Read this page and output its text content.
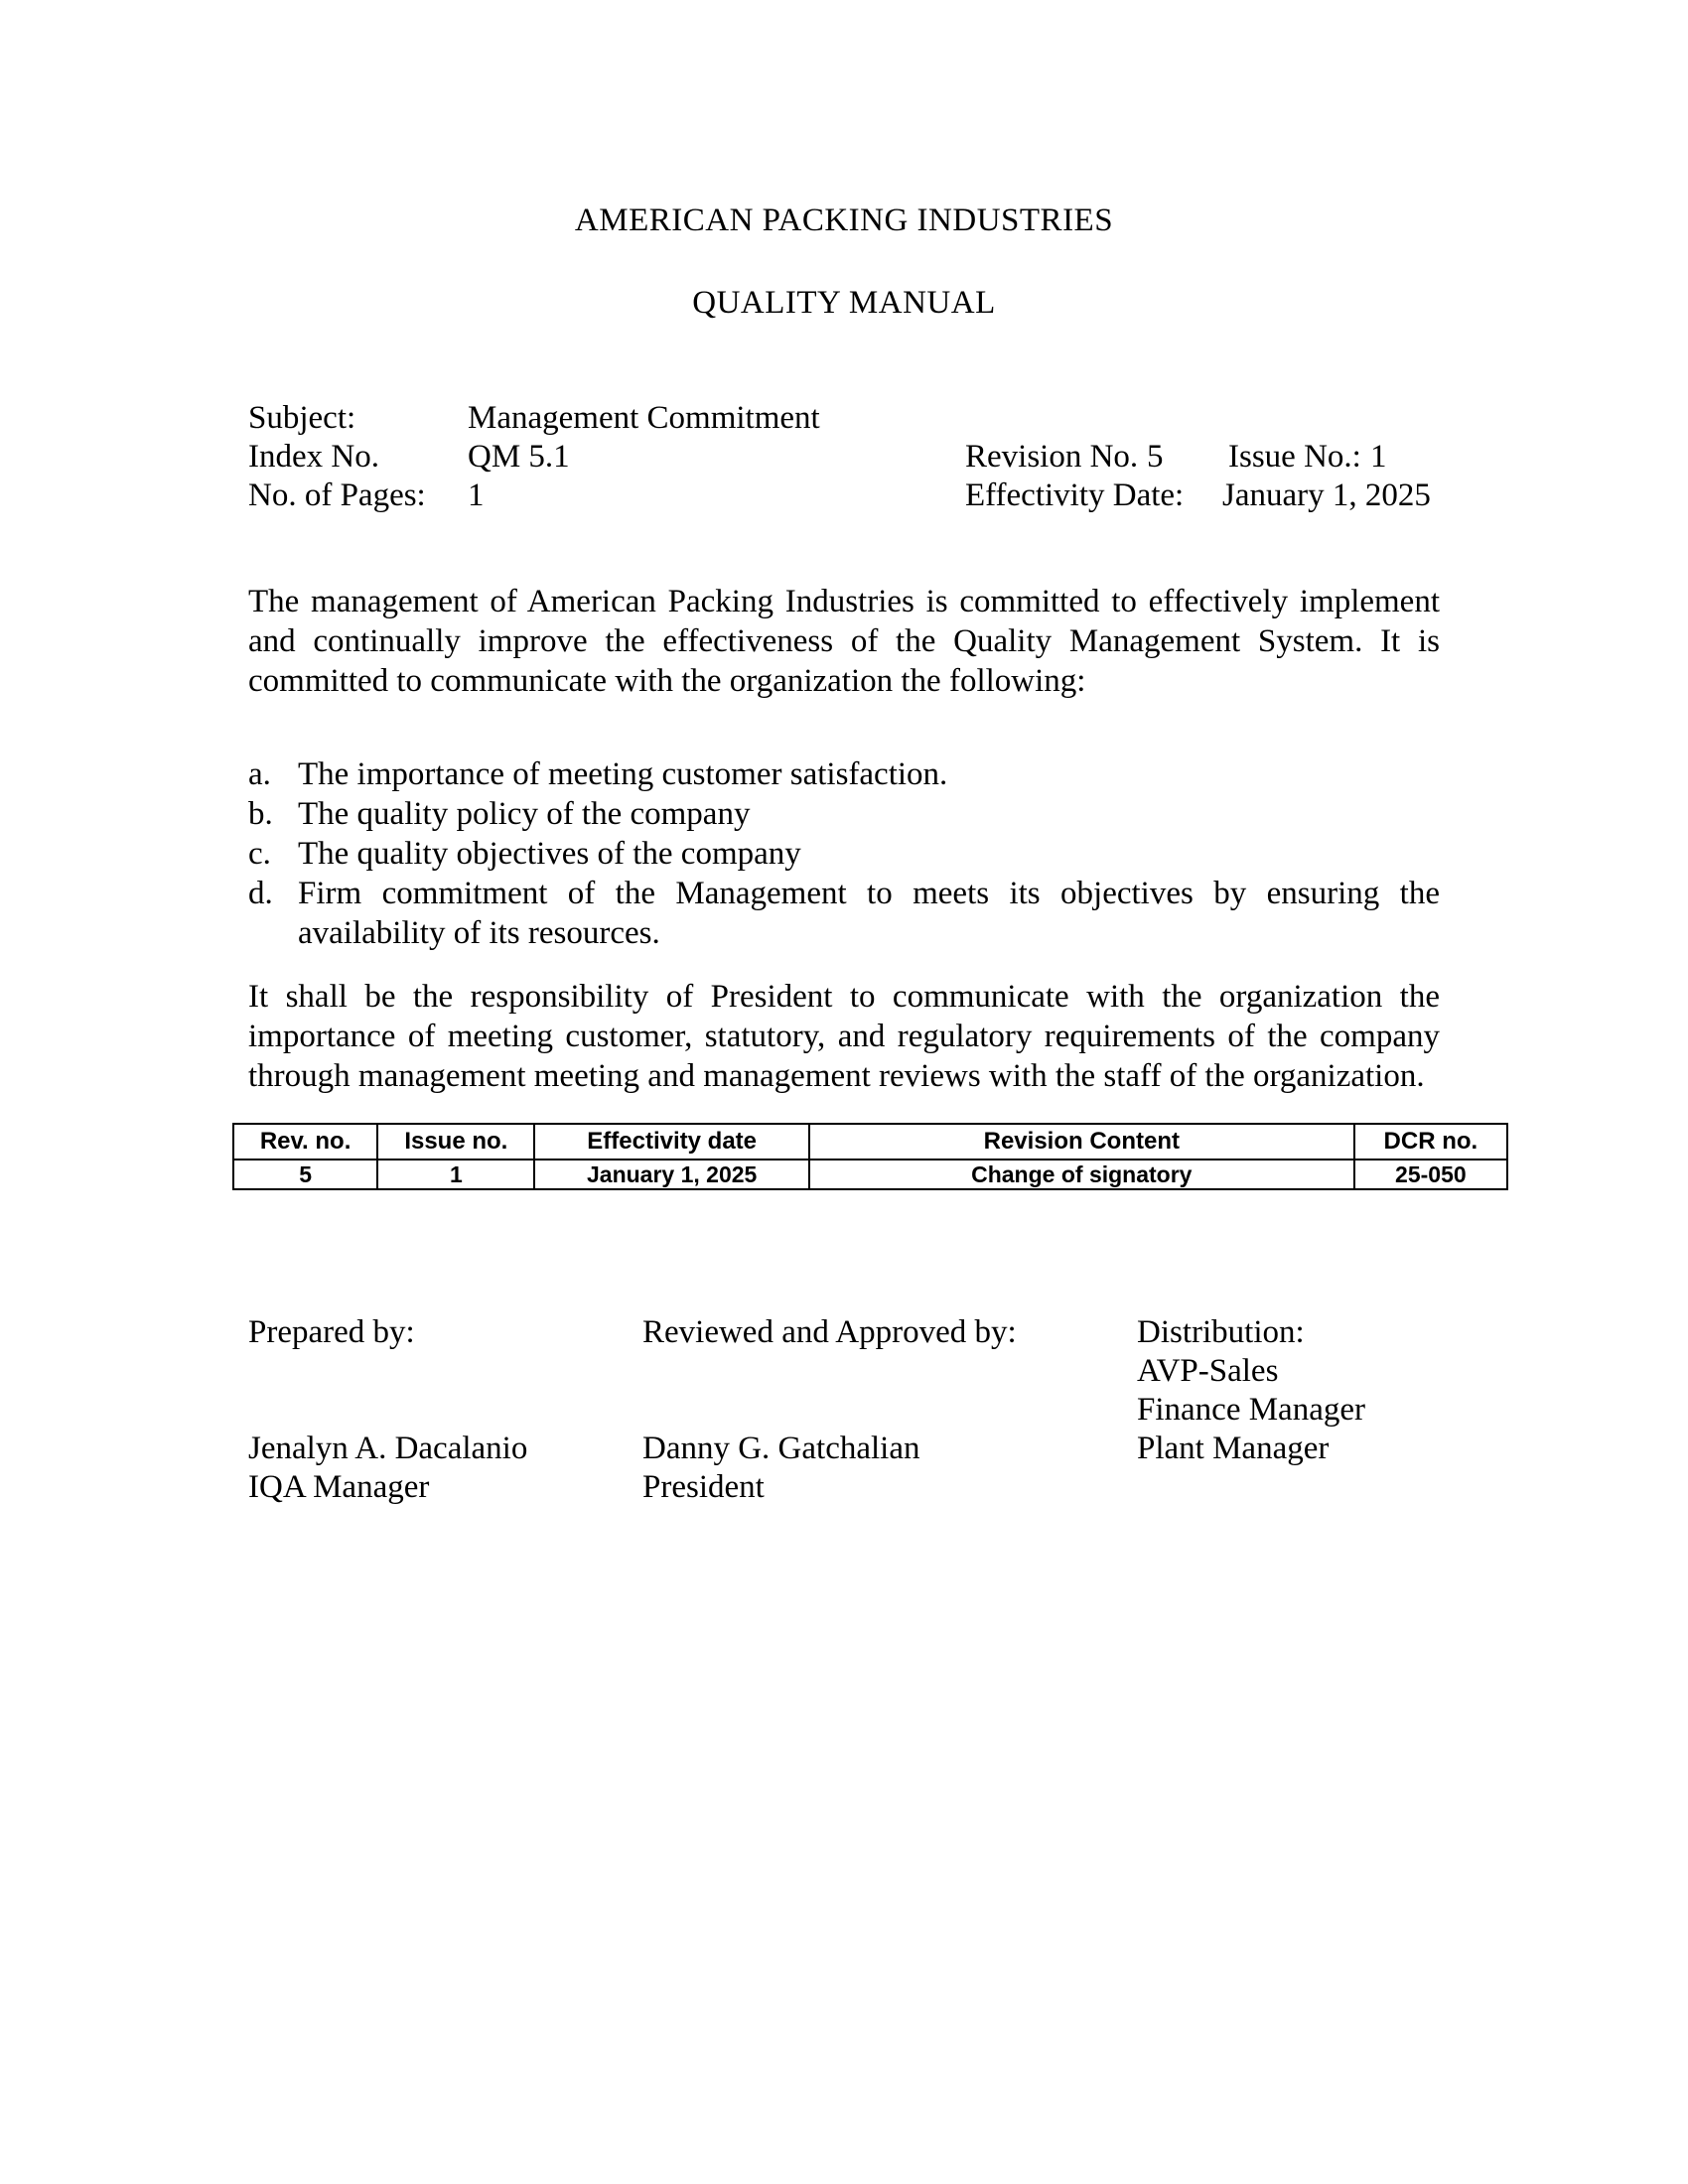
AMERICAN PACKING INDUSTRIES
QUALITY MANUAL
Subject:	Management Commitment
Index No.	QM 5.1	Revision No. 5 Issue No.: 1
No. of Pages: 1	Effectivity Date: January 1, 2025
The management of American Packing Industries is committed to effectively implement and continually improve the effectiveness of the Quality Management System. It is committed to communicate with the organization the following:
a. The importance of meeting customer satisfaction.
b. The quality policy of the company
c. The quality objectives of the company
d. Firm commitment of the Management to meets its objectives by ensuring the availability of its resources.
It shall be the responsibility of President to communicate with the organization the importance of meeting customer, statutory, and regulatory requirements of the company through management meeting and management reviews with the staff of the organization.
Rev. no.	Issue no.	Effectivity date	Revision Content	DCR no.
5	1	January 1, 2025	Change of signatory	25-050
Prepared by:
Jenalyn A. Dacalanio
IQA Manager
Reviewed and Approved by:
Danny G. Gatchalian
President
Distribution:
AVP-Sales
Finance Manager
Plant Manager
